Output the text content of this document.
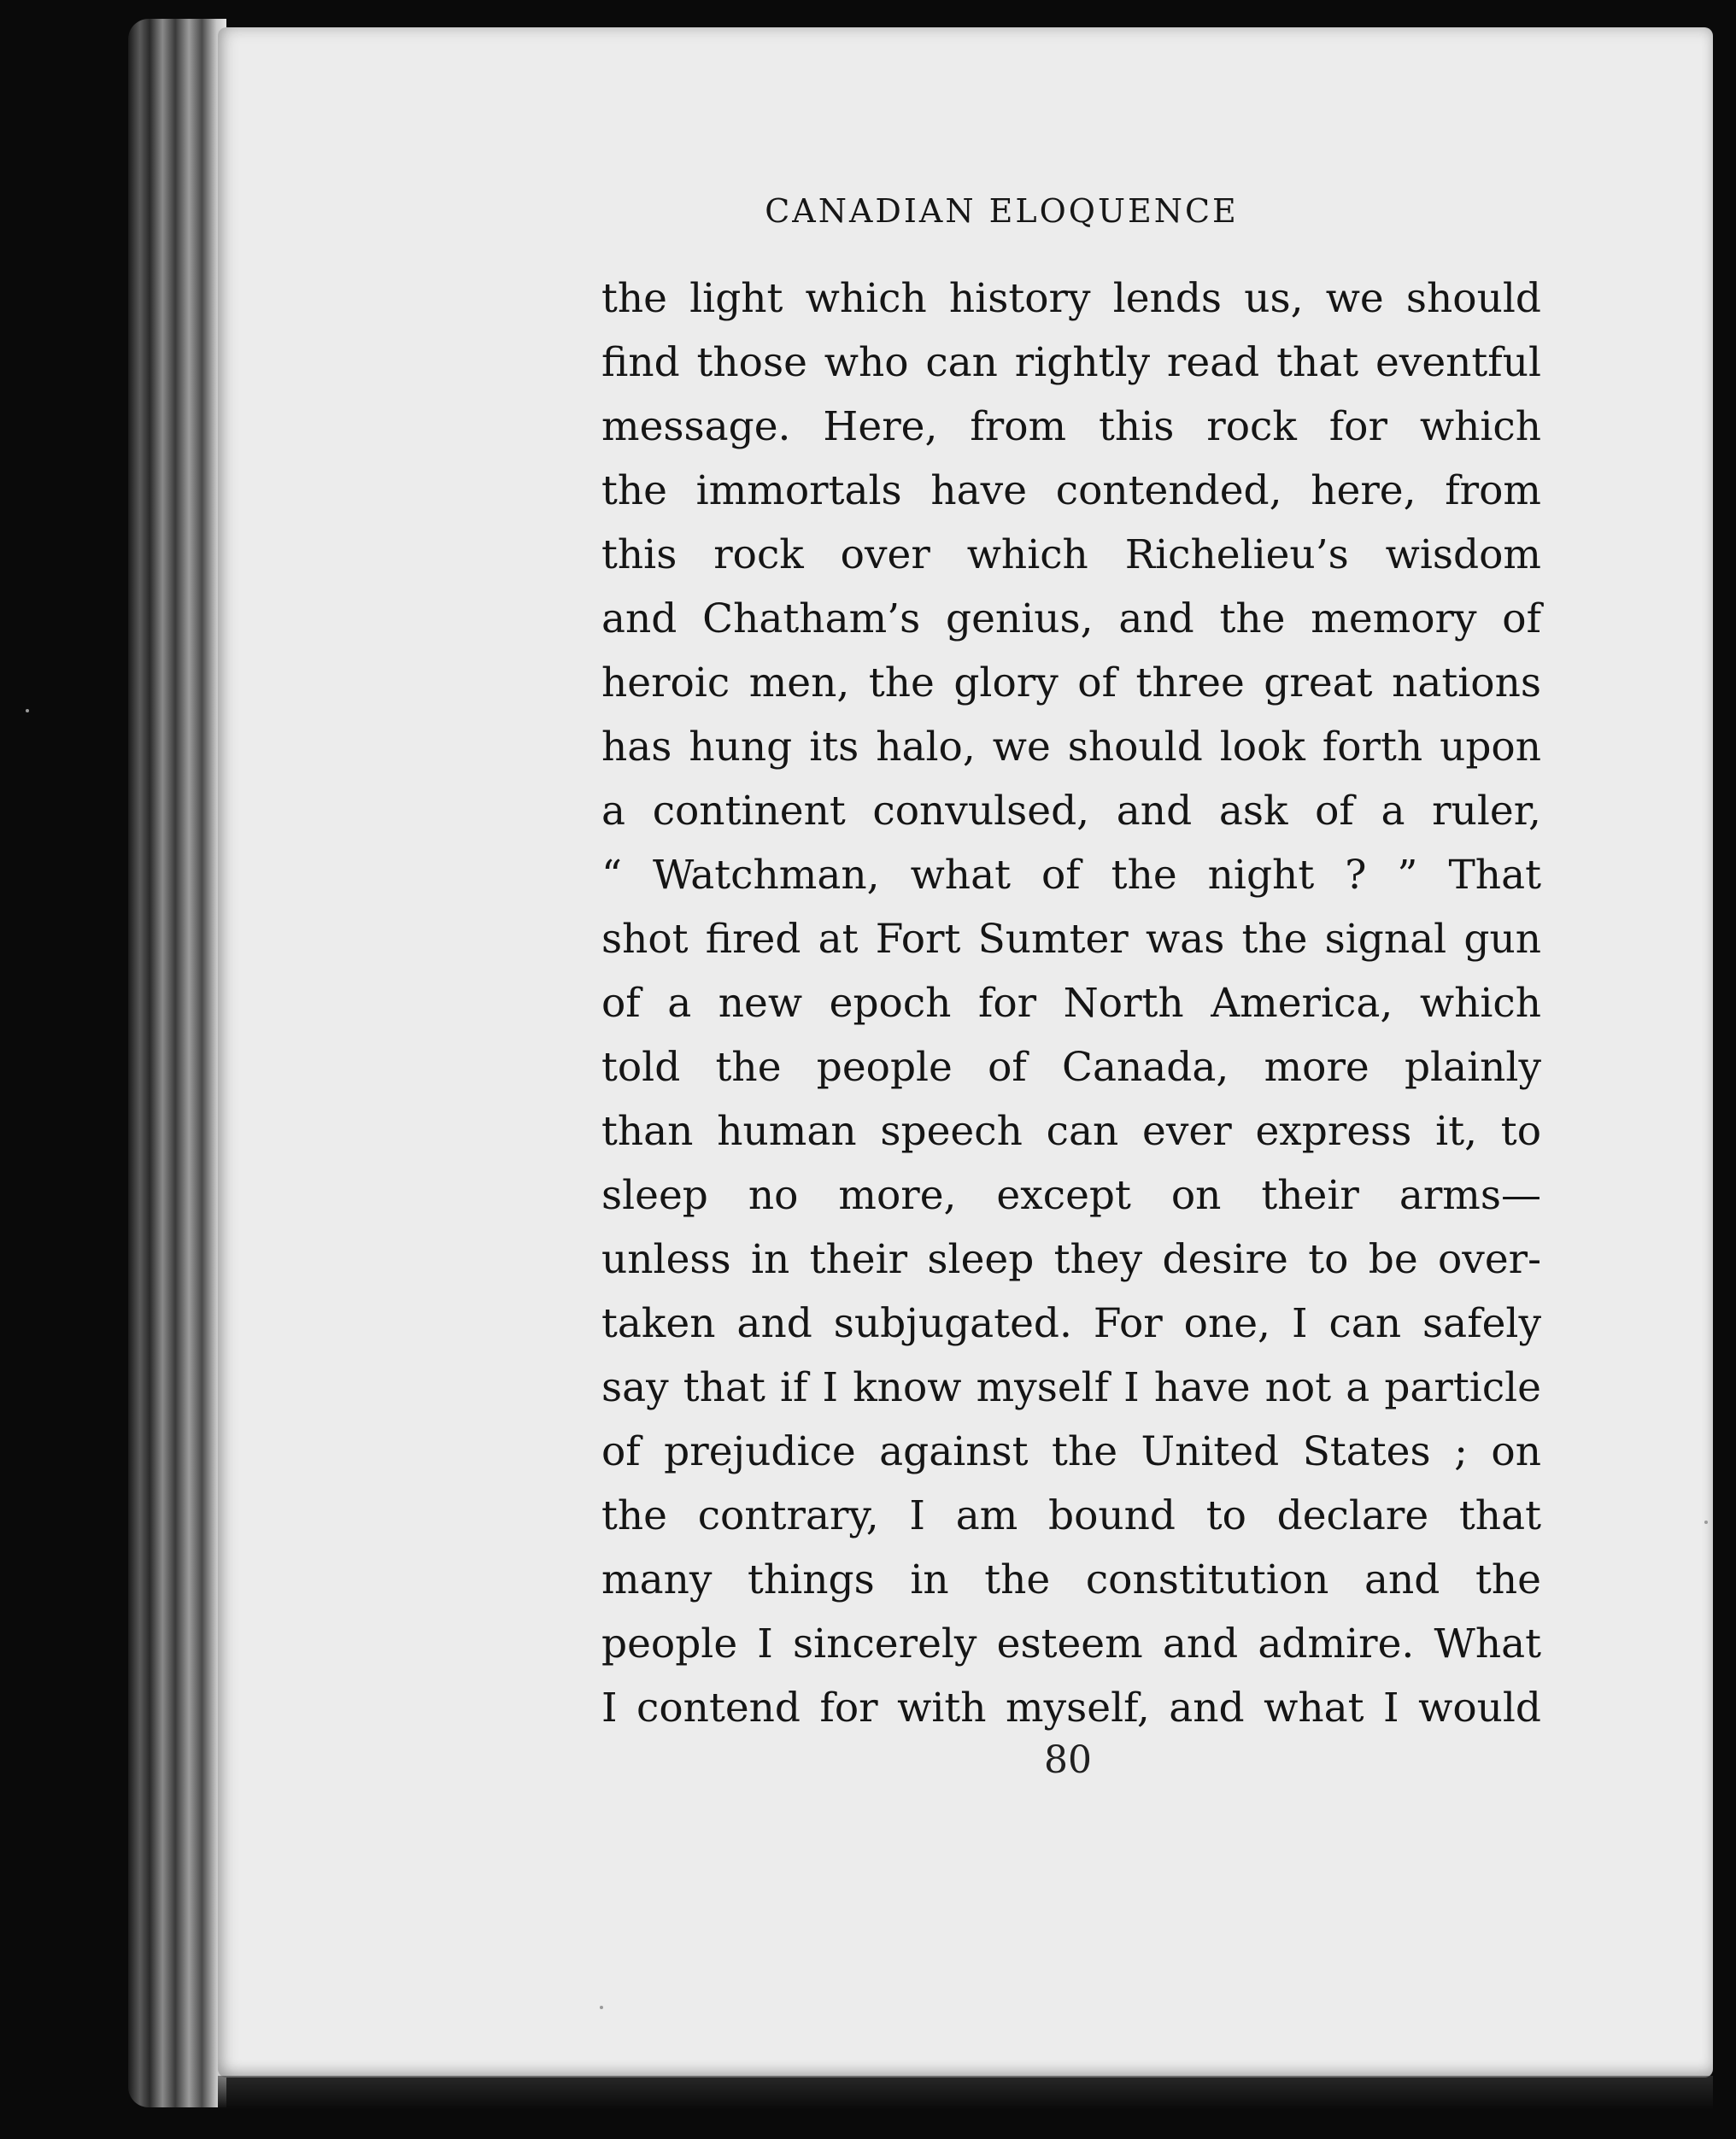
CANADIAN ELOQUENCE
the light which history lends us, we should
find those who can rightly read that eventful
message. Here, from this rock for which
the immortals have contended, here, from
this rock over which Richelieu’s wisdom
and Chatham’s genius, and the memory of
heroic men, the glory of three great nations
has hung its halo, we should look forth upon
a continent convulsed, and ask of a ruler,
“ Watchman, what of the night ? ” That
shot fired at Fort Sumter was the signal gun
of a new epoch for North America, which
told the people of Canada, more plainly
than human speech can ever express it, to
sleep no more, except on their arms—
unless in their sleep they desire to be over-
taken and subjugated. For one, I can safely
say that if I know myself I have not a particle
of prejudice against the United States ; on
the contrary, I am bound to declare that
many things in the constitution and the
people I sincerely esteem and admire. What
I contend for with myself, and what I would
80
